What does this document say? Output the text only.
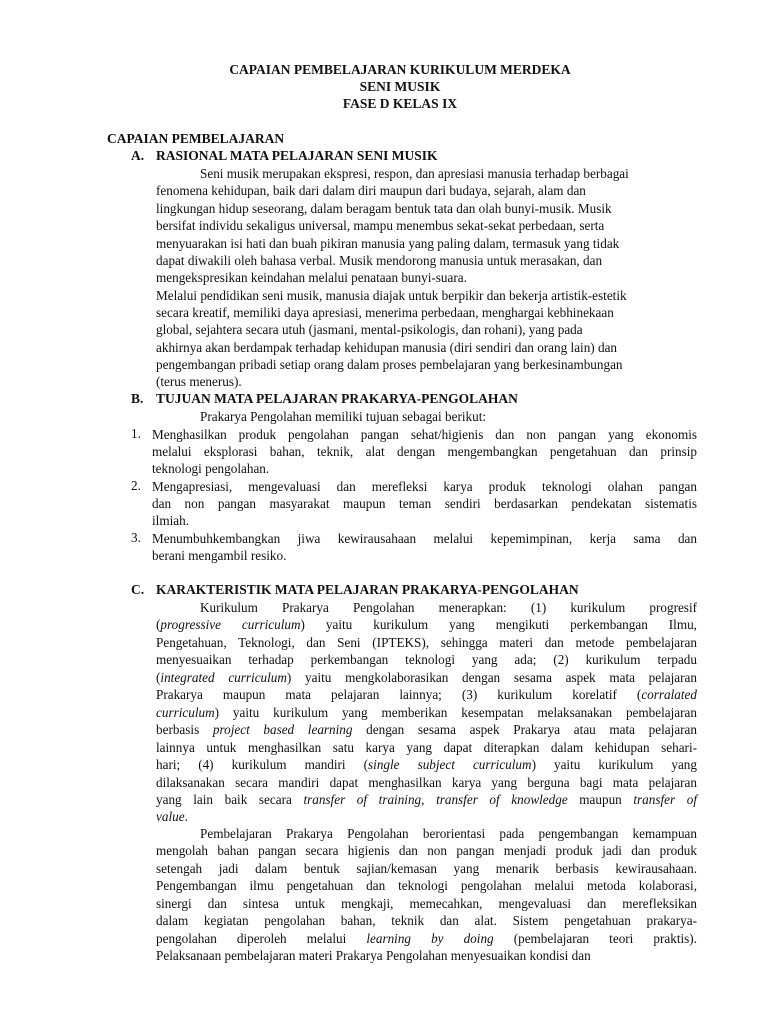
CAPAIAN PEMBELAJARAN KURIKULUM MERDEKA
SENI MUSIK
FASE D KELAS IX
CAPAIAN PEMBELAJARAN
A. RASIONAL MATA PELAJARAN SENI MUSIK
Seni musik merupakan ekspresi, respon, dan apresiasi manusia terhadap berbagai
fenomena kehidupan, baik dari dalam diri maupun dari budaya, sejarah, alam dan
lingkungan hidup seseorang, dalam beragam bentuk tata dan olah bunyi-musik. Musik
bersifat individu sekaligus universal, mampu menembus sekat-sekat perbedaan, serta
menyuarakan isi hati dan buah pikiran manusia yang paling dalam, termasuk yang tidak
dapat diwakili oleh bahasa verbal. Musik mendorong manusia untuk merasakan, dan
mengekspresikan keindahan melalui penataan bunyi-suara.
Melalui pendidikan seni musik, manusia diajak untuk berpikir dan bekerja artistik-estetik
secara kreatif, memiliki daya apresiasi, menerima perbedaan, menghargai kebhinekaan
global, sejahtera secara utuh (jasmani, mental-psikologis, dan rohani), yang pada
akhirnya akan berdampak terhadap kehidupan manusia (diri sendiri dan orang lain) dan
pengembangan pribadi setiap orang dalam proses pembelajaran yang berkesinambungan
(terus menerus).
B. TUJUAN MATA PELAJARAN PRAKARYA-PENGOLAHAN
Prakarya Pengolahan memiliki tujuan sebagai berikut:
1. Menghasilkan produk pengolahan pangan sehat/higienis dan non pangan yang ekonomis
melalui eksplorasi bahan, teknik, alat dengan mengembangkan pengetahuan dan prinsip
teknologi pengolahan.
2. Mengapresiasi, mengevaluasi dan merefleksi karya produk teknologi olahan pangan
dan non pangan masyarakat maupun teman sendiri berdasarkan pendekatan sistematis
ilmiah.
3. Menumbuhkembangkan jiwa kewirausahaan melalui kepemimpinan, kerja sama dan
berani mengambil resiko.
C. KARAKTERISTIK MATA PELAJARAN PRAKARYA-PENGOLAHAN
Kurikulum Prakarya Pengolahan menerapkan: (1) kurikulum progresif
(progressive curriculum) yaitu kurikulum yang mengikuti perkembangan Ilmu,
Pengetahuan, Teknologi, dan Seni (IPTEKS), sehingga materi dan metode pembelajaran
menyesuaikan terhadap perkembangan teknologi yang ada; (2) kurikulum terpadu
(integrated curriculum) yaitu mengkolaborasikan dengan sesama aspek mata pelajaran
Prakarya maupun mata pelajaran lainnya; (3) kurikulum korelatif (corralated
curriculum) yaitu kurikulum yang memberikan kesempatan melaksanakan pembelajaran
berbasis project based learning dengan sesama aspek Prakarya atau mata pelajaran
lainnya untuk menghasilkan satu karya yang dapat diterapkan dalam kehidupan sehari-
hari; (4) kurikulum mandiri (single subject curriculum) yaitu kurikulum yang
dilaksanakan secara mandiri dapat menghasilkan karya yang berguna bagi mata pelajaran
yang lain baik secara transfer of training, transfer of knowledge maupun transfer of
value.
Pembelajaran Prakarya Pengolahan berorientasi pada pengembangan kemampuan
mengolah bahan pangan secara higienis dan non pangan menjadi produk jadi dan produk
setengah jadi dalam bentuk sajian/kemasan yang menarik berbasis kewirausahaan.
Pengembangan ilmu pengetahuan dan teknologi pengolahan melalui metoda kolaborasi,
sinergi dan sintesa untuk mengkaji, memecahkan, mengevaluasi dan merefleksikan
dalam kegiatan pengolahan bahan, teknik dan alat. Sistem pengetahuan prakarya-
pengolahan diperoleh melalui learning by doing (pembelajaran teori praktis).
Pelaksanaan pembelajaran materi Prakarya Pengolahan menyesuaikan kondisi dan
